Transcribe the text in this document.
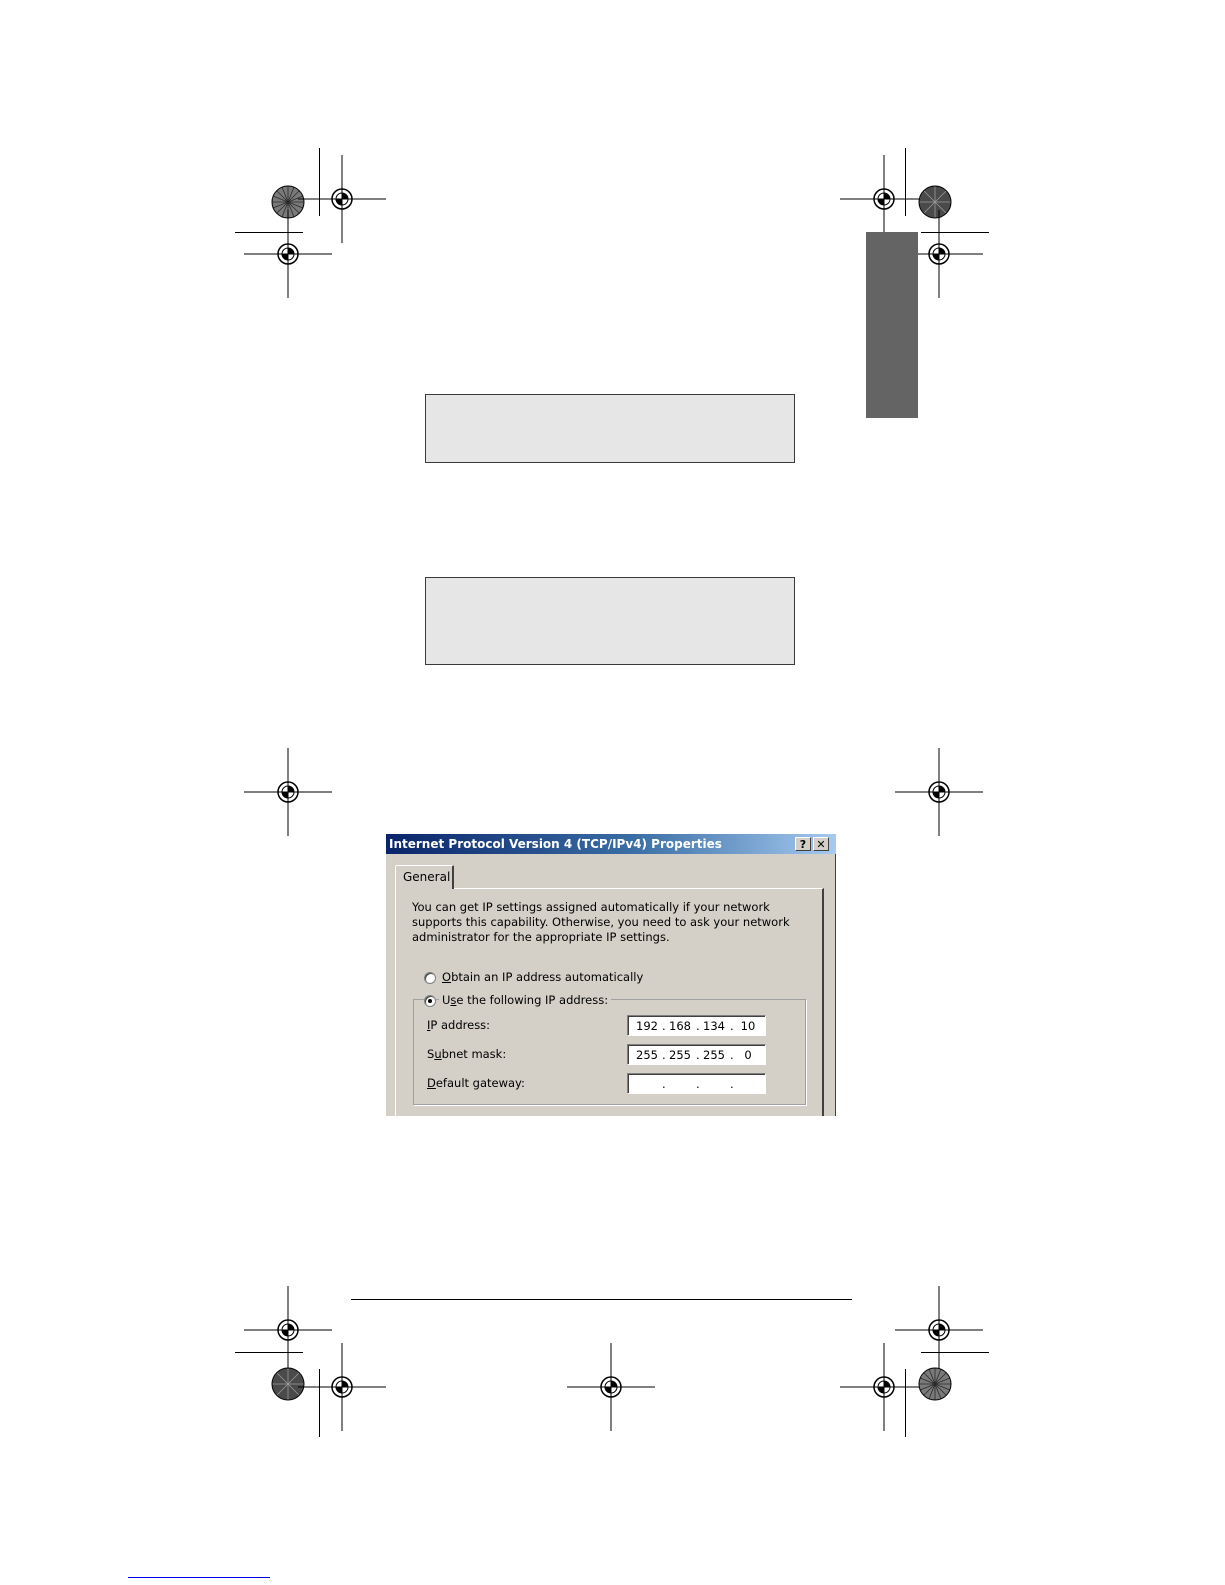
Internet Protocol Version 4 (TCP/IPv4) Properties	? ✕
General
You can get IP settings assigned automatically if your network supports this capability. Otherwise, you need to ask your network administrator for the appropriate IP settings.
Obtain an IP address automatically
Use the following IP address:
IP address:	192 . 168 . 134 . 10
Subnet mask:	255 . 255 . 255 . 0
Default gateway:	.	.	.
